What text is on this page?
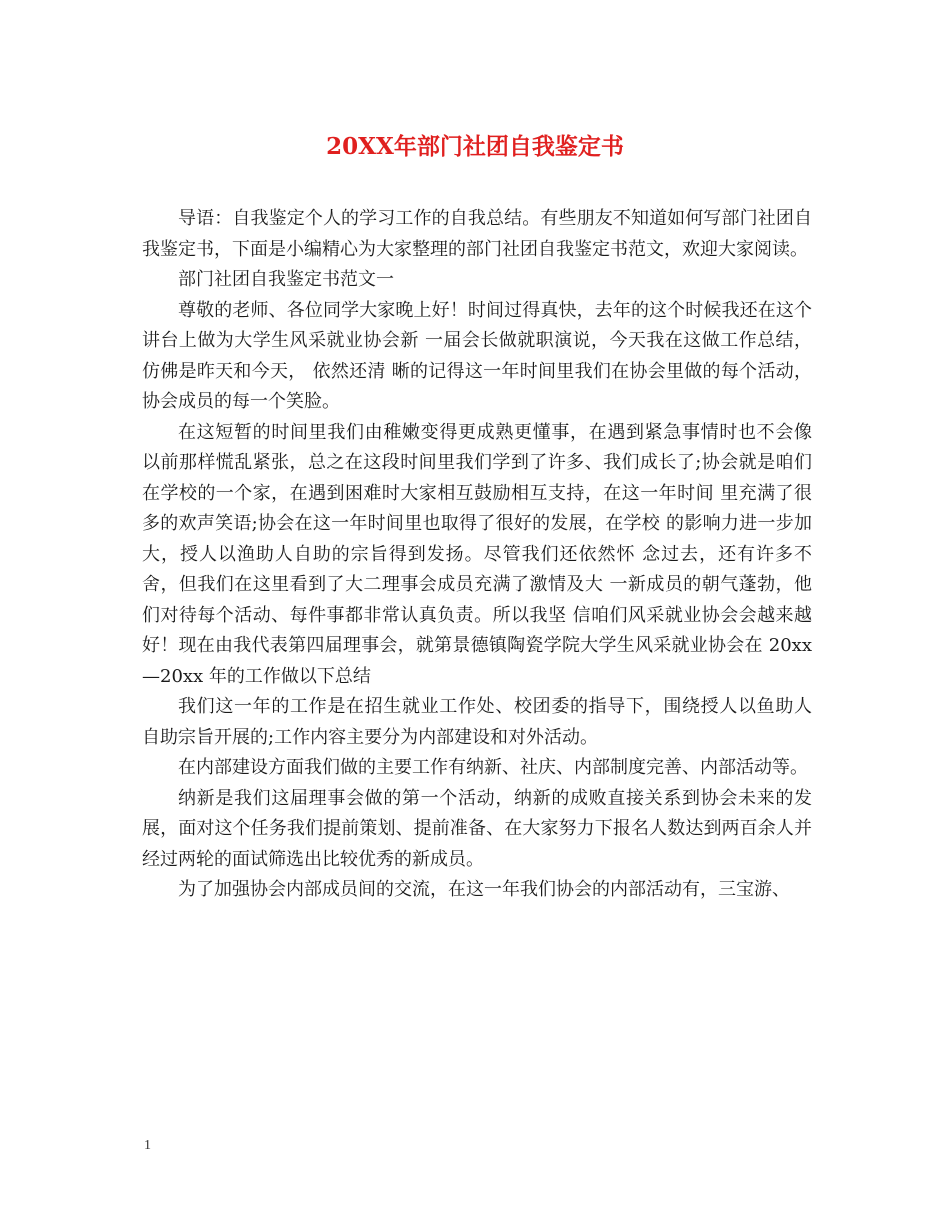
20XX年部门社团自我鉴定书

导语：自我鉴定个人的学习工作的自我总结。有些朋友不知道如何写部门社团自我鉴定书，下面是小编精心为大家整理的部门社团自我鉴定书范文，欢迎大家阅读。

部门社团自我鉴定书范文一

尊敬的老师、各位同学大家晚上好！时间过得真快，去年的这个时候我还在这个讲台上做为大学生风采就业协会新 一届会长做就职演说，今天我在这做工作总结，仿佛是昨天和今天， 依然还清 晰的记得这一年时间里我们在协会里做的每个活动，协会成员的每一个笑脸。

在这短暂的时间里我们由稚嫩变得更成熟更懂事，在遇到紧急事情时也不会像 以前那样慌乱紧张，总之在这段时间里我们学到了许多、我们成长了;协会就是咱们在学校的一个家，在遇到困难时大家相互鼓励相互支持，在这一年时间 里充满了很多的欢声笑语;协会在这一年时间里也取得了很好的发展，在学校 的影响力进一步加大，授人以渔助人自助的宗旨得到发扬。尽管我们还依然怀 念过去，还有许多不舍，但我们在这里看到了大二理事会成员充满了激情及大 一新成员的朝气蓬勃，他们对待每个活动、每件事都非常认真负责。所以我坚 信咱们风采就业协会会越来越好！现在由我代表第四届理事会，就第景德镇陶瓷学院大学生风采就业协会在 20xx —20xx 年的工作做以下总结

我们这一年的工作是在招生就业工作处、校团委的指导下，围绕授人以鱼助人 自助宗旨开展的;工作内容主要分为内部建设和对外活动。

在内部建设方面我们做的主要工作有纳新、社庆、内部制度完善、内部活动等。

纳新是我们这届理事会做的第一个活动，纳新的成败直接关系到协会未来的发 展，面对这个任务我们提前策划、提前准备、在大家努力下报名人数达到两百余人并经过两轮的面试筛选出比较优秀的新成员。

为了加强协会内部成员间的交流，在这一年我们协会的内部活动有，三宝游、

1
